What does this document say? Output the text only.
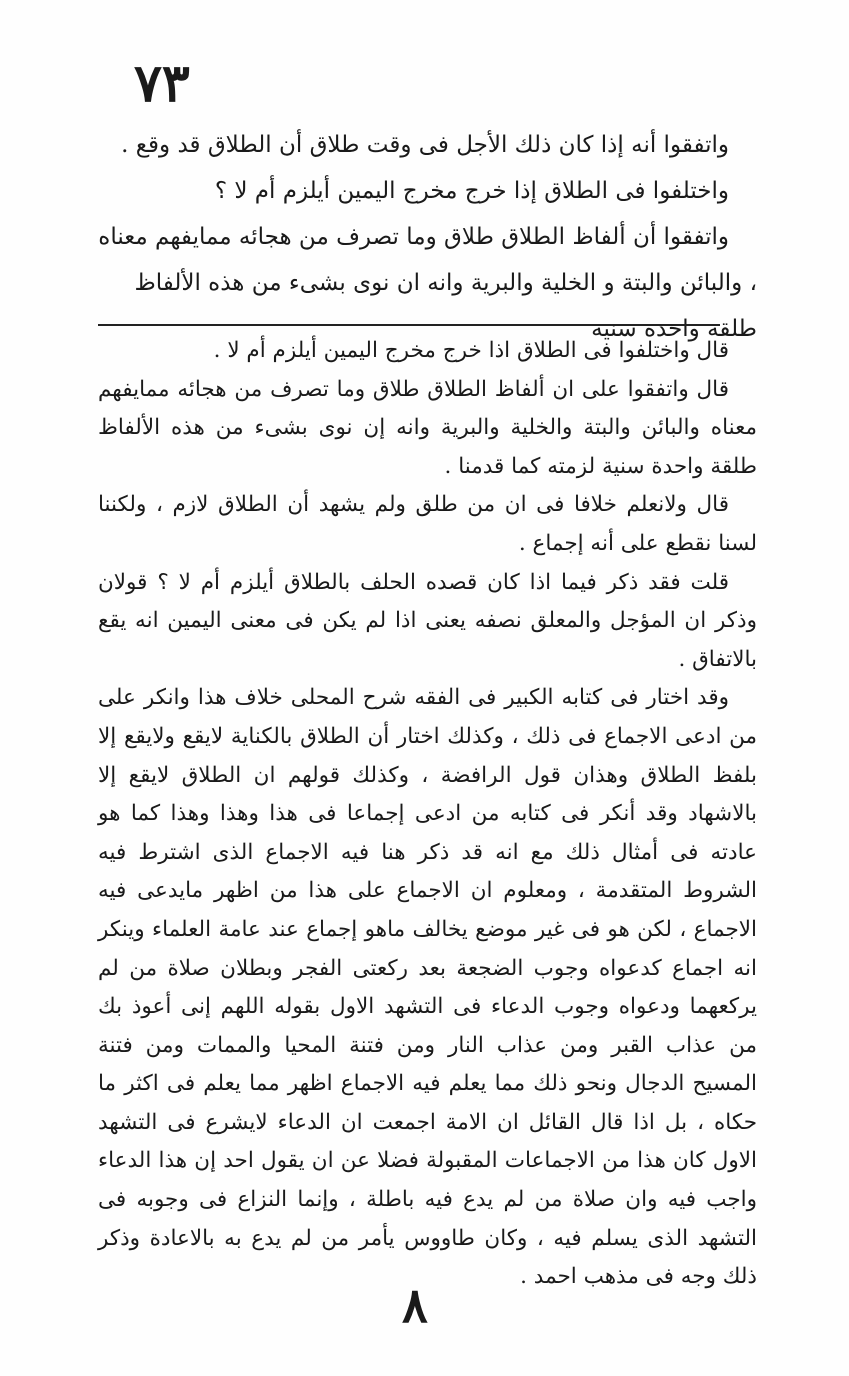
٧٣

واتفقوا أنه إذا كان ذلك الأجل فى وقت طلاق أن الطلاق قد وقع .

واختلفوا فى الطلاق إذا خرج مخرج اليمين أيلزم أم لا ؟

واتفقوا أن ألفاظ الطلاق طلاق وما تصرف من هجائه ممايفهم معناه ، والبائن والبتة و الخلية والبرية وانه ان نوى بشىء من هذه الألفاظ طلقة واحدة سنية

قال واختلفوا فى الطلاق اذا خرج مخرج اليمين أيلزم أم لا .

قال واتفقوا على ان ألفاظ الطلاق طلاق وما تصرف من هجائه ممايفهم معناه والبائن والبتة والخلية والبرية وانه إن نوى بشىء من هذه الألفاظ طلقة واحدة سنية لزمته كما قدمنا .

قال ولانعلم خلافا فى ان من طلق ولم يشهد أن الطلاق لازم ، ولكننا لسنا نقطع على أنه إجماع .

قلت فقد ذكر فيما اذا كان قصده الحلف بالطلاق أيلزم أم لا ؟ قولان وذكر ان المؤجل والمعلق نصفه يعنى اذا لم يكن فى معنى اليمين انه يقع بالاتفاق .

وقد اختار فى كتابه الكبير فى الفقه شرح المحلى خلاف هذا وانكر على من ادعى الاجماع فى ذلك ، وكذلك اختار أن الطلاق بالكناية لايقع ولايقع إلا بلفظ الطلاق وهذان قول الرافضة ، وكذلك قولهم ان الطلاق لايقع إلا بالاشهاد وقد أنكر فى كتابه من ادعى إجماعا فى هذا وهذا وهذا كما هو عادته فى أمثال ذلك مع انه قد ذكر هنا فيه الاجماع الذى اشترط فيه الشروط المتقدمة ، ومعلوم ان الاجماع على هذا من اظهر مايدعى فيه الاجماع ، لكن هو فى غير موضع يخالف ماهو إجماع عند عامة العلماء وينكر انه اجماع كدعواه وجوب الضجعة بعد ركعتى الفجر وبطلان صلاة من لم يركعهما ودعواه وجوب الدعاء فى التشهد الاول بقوله اللهم إنى أعوذ بك من عذاب القبر ومن عذاب النار ومن فتنة المحيا والممات ومن فتنة المسيح الدجال ونحو ذلك مما يعلم فيه الاجماع اظهر مما يعلم فى اكثر ما حكاه ، بل اذا قال القائل ان الامة اجمعت ان الدعاء لايشرع فى التشهد الاول كان هذا من الاجماعات المقبولة فضلا عن ان يقول احد إن هذا الدعاء واجب فيه وان صلاة من لم يدع فيه باطلة ، وإنما النزاع فى وجوبه فى التشهد الذى يسلم فيه ، وكان طاووس يأمر من لم يدع به بالاعادة وذكر ذلك وجه فى مذهب احمد .

٨
